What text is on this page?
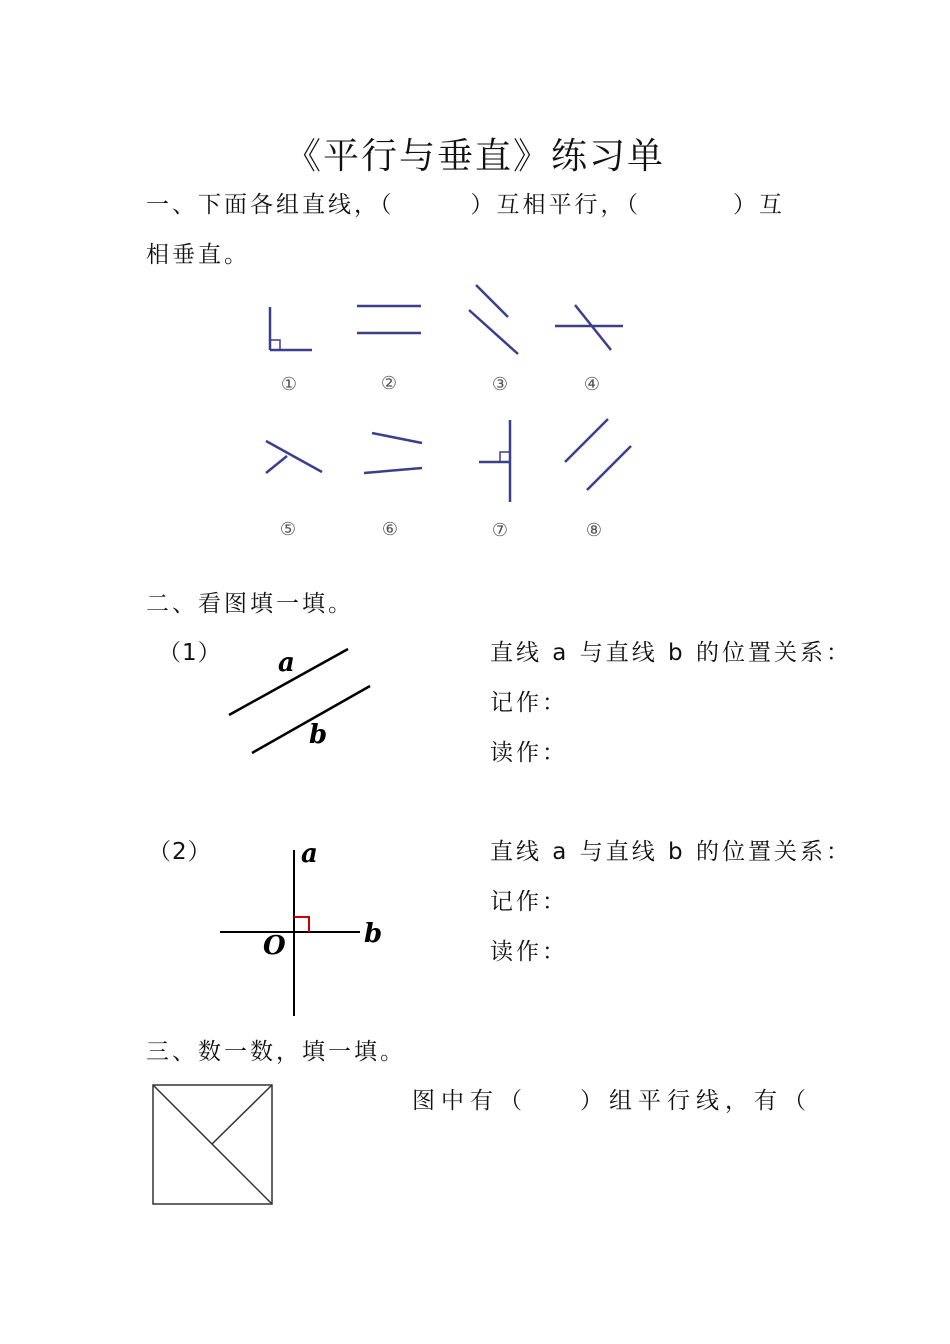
《平行与垂直》练习单
一、下面各组直线，（	）互相平行，（	）互
相垂直。
①	②	③	④
⑤	⑥	⑦	⑧
二、看图填一填。
（1） a
b
直线 a 与直线 b 的位置关系：
记作：
读作：
（2）	a
b
O
直线 a 与直线 b 的位置关系：
记作：
读作：
三、数一数，填一填。
图中有（ ）组平行线，有（
